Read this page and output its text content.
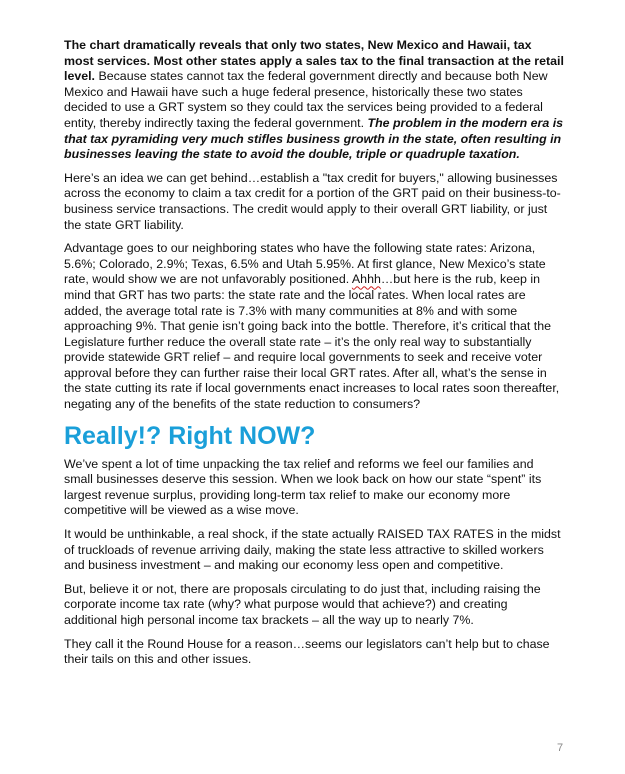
The chart dramatically reveals that only two states, New Mexico and Hawaii, tax most services. Most other states apply a sales tax to the final transaction at the retail level. Because states cannot tax the federal government directly and because both New Mexico and Hawaii have such a huge federal presence, historically these two states decided to use a GRT system so they could tax the services being provided to a federal entity, thereby indirectly taxing the federal government. The problem in the modern era is that tax pyramiding very much stifles business growth in the state, often resulting in businesses leaving the state to avoid the double, triple or quadruple taxation.

Here’s an idea we can get behind…establish a "tax credit for buyers," allowing businesses across the economy to claim a tax credit for a portion of the GRT paid on their business-to-business service transactions. The credit would apply to their overall GRT liability, or just the state GRT liability.

Advantage goes to our neighboring states who have the following state rates: Arizona, 5.6%; Colorado, 2.9%; Texas, 6.5% and Utah 5.95%. At first glance, New Mexico’s state rate, would show we are not unfavorably positioned. Ahhh…but here is the rub, keep in mind that GRT has two parts: the state rate and the local rates. When local rates are added, the average total rate is 7.3% with many communities at 8% and with some approaching 9%. That genie isn’t going back into the bottle. Therefore, it’s critical that the Legislature further reduce the overall state rate – it’s the only real way to substantially provide statewide GRT relief – and require local governments to seek and receive voter approval before they can further raise their local GRT rates. After all, what’s the sense in the state cutting its rate if local governments enact increases to local rates soon thereafter, negating any of the benefits of the state reduction to consumers?

Really!? Right NOW?

We’ve spent a lot of time unpacking the tax relief and reforms we feel our families and small businesses deserve this session. When we look back on how our state “spent” its largest revenue surplus, providing long-term tax relief to make our economy more competitive will be viewed as a wise move.

It would be unthinkable, a real shock, if the state actually RAISED TAX RATES in the midst of truckloads of revenue arriving daily, making the state less attractive to skilled workers and business investment – and making our economy less open and competitive.

But, believe it or not, there are proposals circulating to do just that, including raising the corporate income tax rate (why? what purpose would that achieve?) and creating additional high personal income tax brackets – all the way up to nearly 7%.

They call it the Round House for a reason…seems our legislators can’t help but to chase their tails on this and other issues.

7
